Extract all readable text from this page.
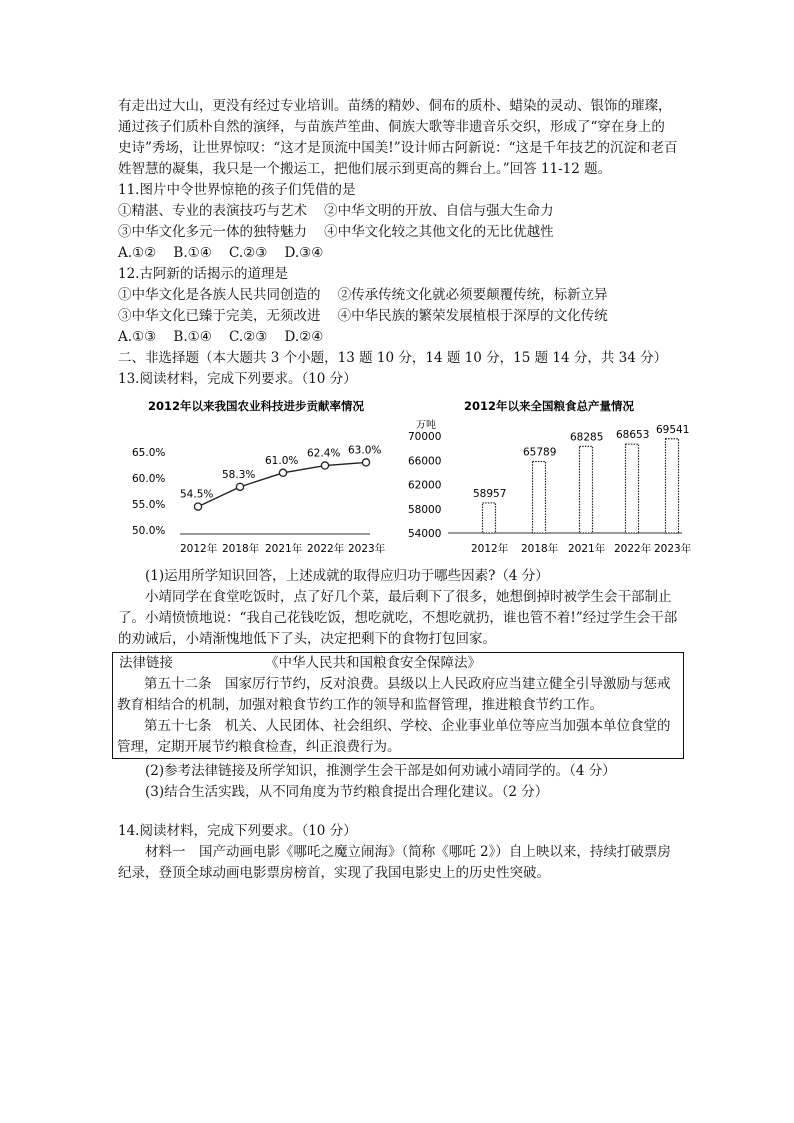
有走出过大山，更没有经过专业培训。苗绣的精妙、侗布的质朴、蜡染的灵动、银饰的璀璨，通过孩子们质朴自然的演绎，与苗族芦笙曲、侗族大歌等非遗音乐交织，形成了“穿在身上的史诗”秀场，让世界惊叹：“这才是顶流中国美!”设计师古阿新说：“这是千年技艺的沉淀和老百姓智慧的凝集，我只是一个搬运工，把他们展示到更高的舞台上。”回答 11-12 题。

11.图片中令世界惊艳的孩子们凭借的是

①精湛、专业的表演技巧与艺术    ②中华文明的开放、自信与强大生命力

③中华文化多元一体的独特魅力    ④中华文化较之其他文化的无比优越性

A.①②    B.①④    C.②③    D.③④

12.古阿新的话揭示的道理是

①中华文化是各族人民共同创造的    ②传承传统文化就必须要颠覆传统，标新立异

③中华文化已臻于完美，无须改进    ④中华民族的繁荣发展植根于深厚的文化传统

A.①③    B.①④    C.②③    D.②④

二、非选择题（本大题共 3 个小题，13 题 10 分，14 题 10 分，15 题 14 分，共 34 分）

13.阅读材料，完成下列要求。（10 分）

2012年以来我国农业科技进步贡献率情况
65.0%
60.0%
55.0%
50.0%
54.5%
58.3%
61.0%
62.4% 63.0%
2012年 2018年 2021年 2022年 2023年
2012年以来全国粮食总产量情况
万吨
70000
66000
62000
58000
54000
58957
65789
68285 68653 69541
2012年 2018年 2021年 2022年 2023年

(1)运用所学知识回答，上述成就的取得应归功于哪些因素?（4 分）

小靖同学在食堂吃饭时，点了好几个菜，最后剩下了很多，她想倒掉时被学生会干部制止了。小靖愤愤地说：“我自己花钱吃饭，想吃就吃，不想吃就扔，谁也管不着!”经过学生会干部的劝诫后，小靖渐愧地低下了头，决定把剩下的食物打包回家。

法律链接	《中华人民共和国粮食安全保障法》

第五十二条　国家厉行节约，反对浪费。县级以上人民政府应当建立健全引导激励与惩戒教育相结合的机制，加强对粮食节约工作的领导和监督管理，推进粮食节约工作。

第五十七条　机关、人民团体、社会组织、学校、企业事业单位等应当加强本单位食堂的管理，定期开展节约粮食检查，纠正浪费行为。

(2)参考法律链接及所学知识，推测学生会干部是如何劝诫小靖同学的。（4 分）

(3)结合生活实践，从不同角度为节约粮食提出合理化建议。（2 分）

14.阅读材料，完成下列要求。（10 分）

材料一　国产动画电影《哪吒之魔立闹海》（简称《哪吒 2》）自上映以来，持续打破票房纪录，登顶全球动画电影票房榜首，实现了我国电影史上的历史性突破。
